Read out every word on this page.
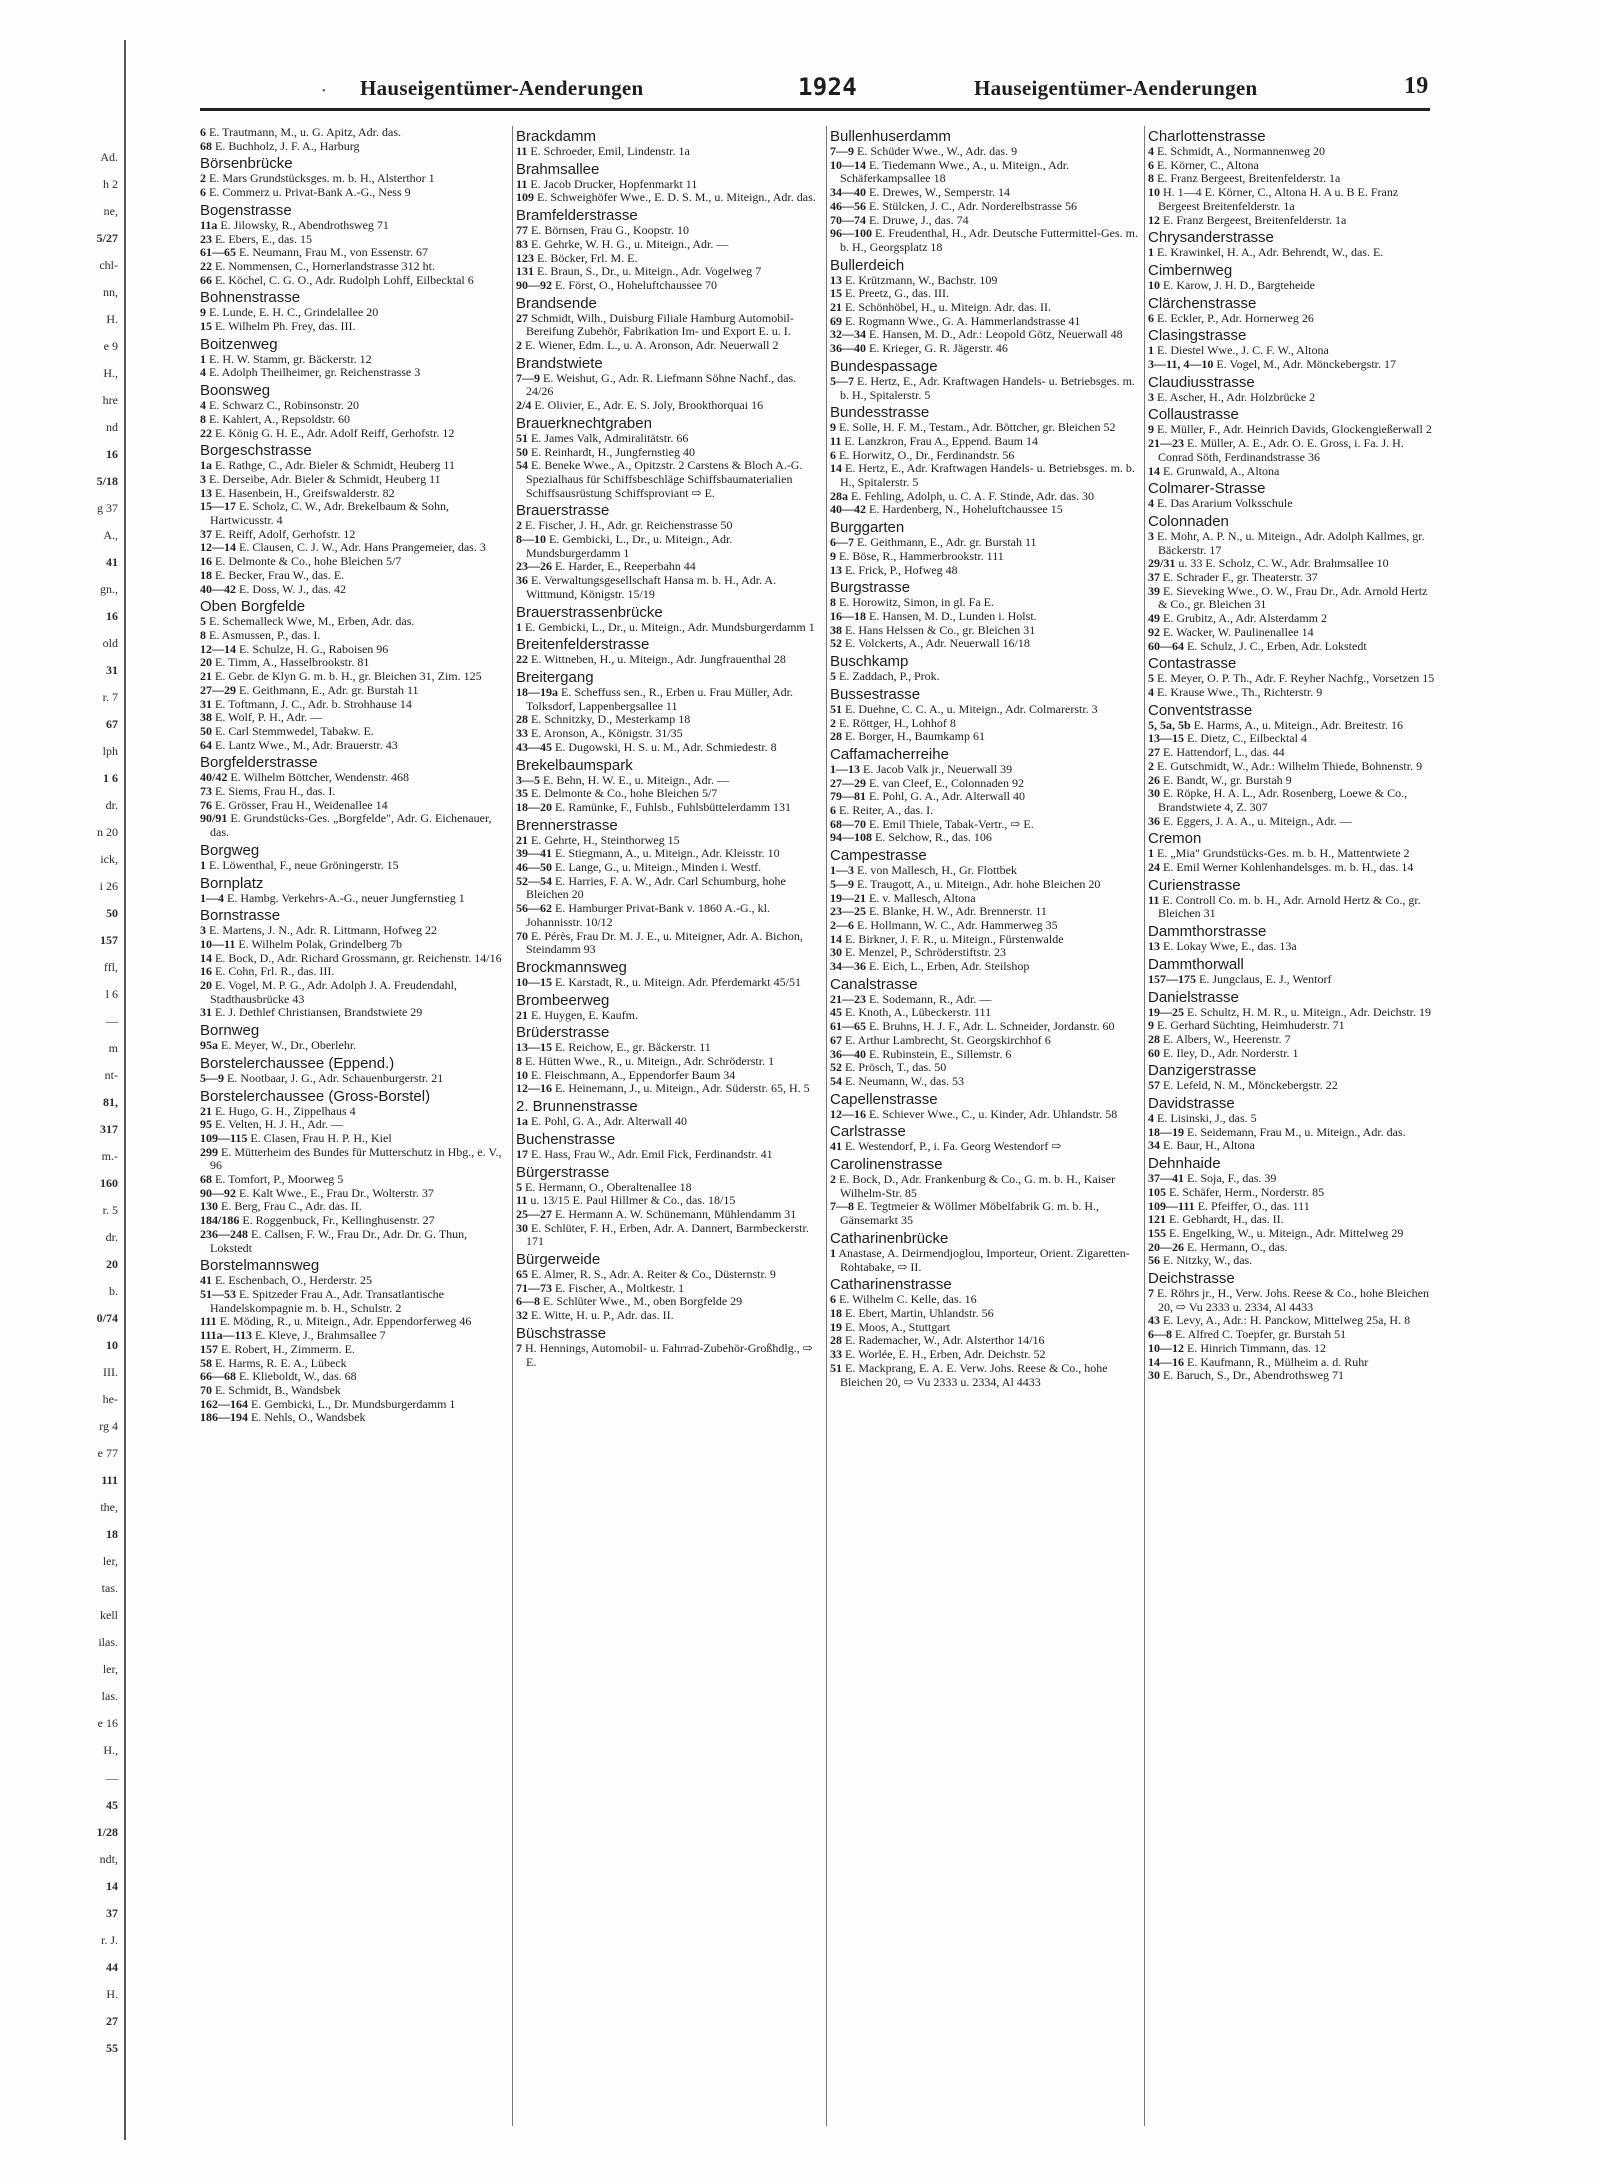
Ad.
h 2
ne,
5/27
chl-
nn,
H.
e 9
H.,
hre
nd
16
5/18
g 37
A.,
41
gn.,
16
old
31
r. 7
67
lph
1 6
dr.
n 20
ick,
i 26
50
157
ffl,
l 6
—
m
nt-
81,
317
m.-
160
r. 5
dr.
20
b.
0/74
10
III.
he-
rg 4
e 77
111
the,
18
ler,
tas.
kell
ilas.
ler,
las.
e 16
H.,
—
45
1/28
ndt,
14
37
r. J.
44
H.
27
55
• Hauseigentümer-Aenderungen	1924	Hauseigentümer-Aenderungen	19
6 E. Trautmann, M., u. G. Apitz, Adr. das.
68 E. Buchholz, J. F. A., Harburg
Börsenbrücke
2 E. Mars Grundstücksges. m. b. H., Alsterthor 1
6 E. Commerz u. Privat-Bank A.-G., Ness 9
Bogenstrasse
11a E. Jilowsky, R., Abendrothsweg 71
23 E. Ebers, E., das. 15
61—65 E. Neumann, Frau M., von Essenstr. 67
22 E. Nommensen, C., Hornerlandstrasse 312 ht.
66 E. Köchel, C. G. O., Adr. Rudolph Lohff, Eilbecktal 6
Bohnenstrasse
9 E. Lunde, E. H. C., Grindelallee 20
15 E. Wilhelm Ph. Frey, das. III.
Boitzenweg
1 E. H. W. Stamm, gr. Bäckerstr. 12
4 E. Adolph Theilheimer, gr. Reichenstrasse 3
Boonsweg
4 E. Schwarz C., Robinsonstr. 20
8 E. Kahlert, A., Repsoldstr. 60
22 E. König G. H. E., Adr. Adolf Reiff, Gerhofstr. 12
Borgeschstrasse
1a E. Rathge, C., Adr. Bieler & Schmidt, Heuberg 11
3 E. Derseibe, Adr. Bieler & Schmidt, Heuberg 11
13 E. Hasenbein, H., Greifswalderstr. 82
15—17 E. Scholz, C. W., Adr. Brekelbaum & Sohn, Hartwicusstr. 4
37 E. Reiff, Adolf, Gerhofstr. 12
12—14 E. Clausen, C. J. W., Adr. Hans Prangemeier, das. 3
16 E. Delmonte & Co., hohe Bleichen 5/7
18 E. Becker, Frau W., das. E.
40—42 E. Doss, W. J., das. 42
Oben Borgfelde
5 E. Schemalleck Wwe, M., Erben, Adr. das.
8 E. Asmussen, P., das. I.
12—14 E. Schulze, H. G., Raboisen 96
20 E. Timm, A., Hasselbrookstr. 81
21 E. Gebr. de Klyn G. m. b. H., gr. Bleichen 31, Zim. 125
27—29 E. Geithmann, E., Adr. gr. Burstah 11
31 E. Toftmann, J. C., Adr. b. Strohhause 14
38 E. Wolf, P. H., Adr. —
50 E. Carl Stemmwedel, Tabakw. E.
64 E. Lantz Wwe., M., Adr. Brauerstr. 43
Borgfelderstrasse
40/42 E. Wilhelm Böttcher, Wendenstr. 468
73 E. Siems, Frau H., das. I.
76 E. Grösser, Frau H., Weidenallee 14
90/91 E. Grundstücks-Ges. „Borgfelde", Adr. G. Eichenauer, das.
Borgweg
1 E. Löwenthal, F., neue Gröningerstr. 15
Bornplatz
1—4 E. Hambg. Verkehrs-A.-G., neuer Jungfernstieg 1
Bornstrasse
3 E. Martens, J. N., Adr. R. Littmann, Hofweg 22
10—11 E. Wilhelm Polak, Grindelberg 7b
14 E. Bock, D., Adr. Richard Grossmann, gr. Reichenstr. 14/16
16 E. Cohn, Frl. R., das. III.
20 E. Vogel, M. P. G., Adr. Adolph J. A. Freudendahl, Stadthausbrücke 43
31 E. J. Dethlef Christiansen, Brandstwiete 29
Bornweg
95a E. Meyer, W., Dr., Oberlehr.
Borstelerchaussee (Eppend.)
5—9 E. Nootbaar, J. G., Adr. Schauenburgerstr. 21
Borstelerchaussee (Gross-Borstel)
21 E. Hugo, G. H., Zippelhaus 4
95 E. Velten, H. J. H., Adr. —
109—115 E. Clasen, Frau H. P. H., Kiel
299 E. Mütterheim des Bundes für Mutterschutz in Hbg., e. V., 96
68 E. Tomfort, P., Moorweg 5
90—92 E. Kalt Wwe., E., Frau Dr., Wolterstr. 37
130 E. Berg, Frau C., Adr. das. II.
184/186 E. Roggenbuck, Fr., Kellinghusenstr. 27
236—248 E. Callsen, F. W., Frau Dr., Adr. Dr. G. Thun, Lokstedt
Borstelmannsweg
41 E. Eschenbach, O., Herderstr. 25
51—53 E. Spitzeder Frau A., Adr. Transatlantische Handelskompagnie m. b. H., Schulstr. 2
111 E. Möding, R., u. Miteign., Adr. Eppendorferweg 46
111a—113 E. Kleve, J., Brahmsallee 7
157 E. Robert, H., Zimmerm. E.
58 E. Harms, R. E. A., Lübeck
66—68 E. Klieboldt, W., das. 68
70 E. Schmidt, B., Wandsbek
162—164 E. Gembicki, L., Dr. Mundsburgerdamm 1
186—194 E. Nehls, O., Wandsbek
Brackdamm
11 E. Schroeder, Emil, Lindenstr. 1a
Brahmsallee
11 E. Jacob Drucker, Hopfenmarkt 11
109 E. Schweighöfer Wwe., E. D. S. M., u. Miteign., Adr. das.
Bramfelderstrasse
77 E. Börnsen, Frau G., Koopstr. 10
83 E. Gehrke, W. H. G., u. Miteign., Adr. —
123 E. Böcker, Frl. M. E.
131 E. Braun, S., Dr., u. Miteign., Adr. Vogelweg 7
90—92 E. Först, O., Hoheluftchaussee 70
Brandsende
27 Schmidt, Wilh., Duisburg Filiale Hamburg Automobil-Bereifung Zubehör, Fabrikation Im- und Export E. u. I.
2 E. Wiener, Edm. L., u. A. Aronson, Adr. Neuerwall 2
Brandstwiete
7—9 E. Weishut, G., Adr. R. Liefmann Söhne Nachf., das. 24/26
2/4 E. Olivier, E., Adr. E. S. Joly, Brookthorquai 16
Brauerknechtgraben
51 E. James Valk, Admiralitätstr. 66
50 E. Reinhardt, H., Jungfernstieg 40
54 E. Beneke Wwe., A., Opitzstr. 2 Carstens & Bloch A.-G. Spezialhaus für Schiffsbeschläge Schiffsbaumaterialien Schiffsausrüstung Schiffsproviant ⇨ E.
Brauerstrasse
2 E. Fischer, J. H., Adr. gr. Reichenstrasse 50
8—10 E. Gembicki, L., Dr., u. Miteign., Adr. Mundsburgerdamm 1
23—26 E. Harder, E., Reeperbahn 44
36 E. Verwaltungsgesellschaft Hansa m. b. H., Adr. A. Wittmund, Königstr. 15/19
Brauerstrassenbrücke
1 E. Gembicki, L., Dr., u. Miteign., Adr. Mundsburgerdamm 1
Breitenfelderstrasse
22 E. Wittneben, H., u. Miteign., Adr. Jungfrauenthal 28
Breitergang
18—19a E. Scheffuss sen., R., Erben u. Frau Müller, Adr. Tolksdorf, Lappenbergsallee 11
28 E. Schnitzky, D., Mesterkamp 18
33 E. Aronson, A., Königstr. 31/35
43—45 E. Dugowski, H. S. u. M., Adr. Schmiedestr. 8
Brekelbaumspark
3—5 E. Behn, H. W. E., u. Miteign., Adr. —
35 E. Delmonte & Co., hohe Bleichen 5/7
18—20 E. Ramünke, F., Fuhlsb., Fuhlsbüttelerdamm 131
Brennerstrasse
21 E. Gehrte, H., Steinthorweg 15
39—41 E. Stiegmann, A., u. Miteign., Adr. Kleisstr. 10
46—50 E. Lange, G., u. Miteign., Minden i. Westf.
52—54 E. Harries, F. A. W., Adr. Carl Schumburg, hohe Bleichen 20
56—62 E. Hamburger Privat-Bank v. 1860 A.-G., kl. Johannisstr. 10/12
70 E. Pérès, Frau Dr. M. J. E., u. Miteigner, Adr. A. Bichon, Steindamm 93
Brockmannsweg
10—15 E. Karstadt, R., u. Miteign. Adr. Pferdemarkt 45/51
Brombeerweg
21 E. Huygen, E. Kaufm.
Brüderstrasse
13—15 E. Reichow, E., gr. Bäckerstr. 11
8 E. Hütten Wwe., R., u. Miteign., Adr. Schröderstr. 1
10 E. Fleischmann, A., Eppendorfer Baum 34
12—16 E. Heinemann, J., u. Miteign., Adr. Süderstr. 65, H. 5
2. Brunnenstrasse
1a E. Pohl, G. A., Adr. Alterwall 40
Buchenstrasse
17 E. Hass, Frau W., Adr. Emil Fick, Ferdinandstr. 41
Bürgerstrasse
5 E. Hermann, O., Oberaltenallee 18
11 u. 13/15 E. Paul Hillmer & Co., das. 18/15
25—27 E. Hermann A. W. Schünemann, Mühlendamm 31
30 E. Schlüter, F. H., Erben, Adr. A. Dannert, Barmbeckerstr. 171
Bürgerweide
65 E. Almer, R. S., Adr. A. Reiter & Co., Düsternstr. 9
71—73 E. Fischer, A., Moltkestr. 1
6—8 E. Schlüter Wwe., M., oben Borgfelde 29
32 E. Witte, H. u. P., Adr. das. II.
Büschstrasse
7 H. Hennings, Automobil- u. Fahrrad-Zubehör-Großhdlg., ⇨ E.
Bullenhuserdamm
7—9 E. Schüder Wwe., W., Adr. das. 9
10—14 E. Tiedemann Wwe., A., u. Miteign., Adr. Schäferkampsallee 18
34—40 E. Drewes, W., Semperstr. 14
46—56 E. Stülcken, J. C., Adr. Norderelbstrasse 56
70—74 E. Druwe, J., das. 74
96—100 E. Freudenthal, H., Adr. Deutsche Futtermittel-Ges. m. b. H., Georgsplatz 18
Bullerdeich
13 E. Krützmann, W., Bachstr. 109
15 E. Preetz, G., das. III.
21 E. Schönhöbel, H., u. Miteign. Adr. das. II.
69 E. Rogmann Wwe., G. A. Hammerlandstrasse 41
32—34 E. Hansen, M. D., Adr.: Leopold Götz, Neuerwall 48
36—40 E. Krieger, G. R. Jägerstr. 46
Bundespassage
5—7 E. Hertz, E., Adr. Kraftwagen Handels- u. Betriebsges. m. b. H., Spitalerstr. 5
Bundesstrasse
9 E. Solle, H. F. M., Testam., Adr. Böttcher, gr. Bleichen 52
11 E. Lanzkron, Frau A., Eppend. Baum 14
6 E. Horwitz, O., Dr., Ferdinandstr. 56
14 E. Hertz, E., Adr. Kraftwagen Handels- u. Betriebsges. m. b. H., Spitalerstr. 5
28a E. Fehling, Adolph, u. C. A. F. Stinde, Adr. das. 30
40—42 E. Hardenberg, N., Hoheluftchaussee 15
Burggarten
6—7 E. Geithmann, E., Adr. gr. Burstah 11
9 E. Böse, R., Hammerbrookstr. 111
13 E. Frick, P., Hofweg 48
Burgstrasse
8 E. Horowitz, Simon, in gl. Fa E.
16—18 E. Hansen, M. D., Lunden i. Holst.
38 E. Hans Helssen & Co., gr. Bleichen 31
52 E. Volckerts, A., Adr. Neuerwall 16/18
Buschkamp
5 E. Zaddach, P., Prok.
Bussestrasse
51 E. Duehne, C. C. A., u. Miteign., Adr. Colmarerstr. 3
2 E. Röttger, H., Lohhof 8
28 E. Borger, H., Baumkamp 61
Caffamacherreihe
1—13 E. Jacob Valk jr., Neuerwall 39
27—29 E. van Cleef, E., Colonnaden 92
79—81 E. Pohl, G. A., Adr. Alterwall 40
6 E. Reiter, A., das. I.
68—70 E. Emil Thiele, Tabak-Vertr., ⇨ E.
94—108 E. Selchow, R., das. 106
Campestrasse
1—3 E. von Mallesch, H., Gr. Flottbek
5—9 E. Traugott, A., u. Miteign., Adr. hohe Bleichen 20
19—21 E. v. Mallesch, Altona
23—25 E. Blanke, H. W., Adr. Brennerstr. 11
2—6 E. Hollmann, W. C., Adr. Hammerweg 35
14 E. Birkner, J. F. R., u. Miteign., Fürstenwalde
30 E. Menzel, P., Schröderstiftstr. 23
34—36 E. Eich, L., Erben, Adr. Steilshop
Canalstrasse
21—23 E. Sodemann, R., Adr. —
45 E. Knoth, A., Lübeckerstr. 111
61—65 E. Bruhns, H. J. F., Adr. L. Schneider, Jordanstr. 60
67 E. Arthur Lambrecht, St. Georgskirchhof 6
36—40 E. Rubinstein, E., Sillemstr. 6
52 E. Prösch, T., das. 50
54 E. Neumann, W., das. 53
Capellenstrasse
12—16 E. Schiever Wwe., C., u. Kinder, Adr. Uhlandstr. 58
Carlstrasse
41 E. Westendorf, P., i. Fa. Georg Westendorf ⇨
Carolinenstrasse
2 E. Bock, D., Adr. Frankenburg & Co., G. m. b. H., Kaiser Wilhelm-Str. 85
7—8 E. Tegtmeier & Wöllmer Möbelfabrik G. m. b. H., Gänsemarkt 35
Catharinenbrücke
1 Anastase, A. Deirmendjoglou, Importeur, Orient. Zigaretten-Rohtabake, ⇨ II.
Catharinenstrasse
6 E. Wilhelm C. Kelle, das. 16
18 E. Ebert, Martin, Uhlandstr. 56
19 E. Moos, A., Stuttgart
28 E. Rademacher, W., Adr. Alsterthor 14/16
33 E. Worlée, E. H., Erben, Adr. Deichstr. 52
51 E. Mackprang, E. A. E. Verw. Johs. Reese & Co., hohe Bleichen 20, ⇨ Vu 2333 u. 2334, Al 4433
Charlottenstrasse
4 E. Schmidt, A., Normannenweg 20
6 E. Körner, C., Altona
8 E. Franz Bergeest, Breitenfelderstr. 1a
10 H. 1—4 E. Körner, C., Altona H. A u. B E. Franz Bergeest Breitenfelderstr. 1a
12 E. Franz Bergeest, Breitenfelderstr. 1a
Chrysanderstrasse
1 E. Krawinkel, H. A., Adr. Behrendt, W., das. E.
Cimbernweg
10 E. Karow, J. H. D., Bargteheide
Clärchenstrasse
6 E. Eckler, P., Adr. Hornerweg 26
Clasingstrasse
1 E. Diestel Wwe., J. C. F. W., Altona
3—11, 4—10 E. Vogel, M., Adr. Mönckebergstr. 17
Claudiusstrasse
3 E. Ascher, H., Adr. Holzbrücke 2
Collaustrasse
9 E. Müller, F., Adr. Heinrich Davids, Glockengießerwall 2
21—23 E. Müller, A. E., Adr. O. E. Gross, i. Fa. J. H. Conrad Söth, Ferdinandstrasse 36
14 E. Grunwald, A., Altona
Colmarer-Strasse
4 E. Das Ararium Volksschule
Colonnaden
3 E. Mohr, A. P. N., u. Miteign., Adr. Adolph Kallmes, gr. Bäckerstr. 17
29/31 u. 33 E. Scholz, C. W., Adr. Brahmsallee 10
37 E. Schrader F., gr. Theaterstr. 37
39 E. Sieveking Wwe., O. W., Frau Dr., Adr. Arnold Hertz & Co., gr. Bleichen 31
49 E. Grubitz, A., Adr. Alsterdamm 2
92 E. Wacker, W. Paulinenallee 14
60—64 E. Schulz, J. C., Erben, Adr. Lokstedt
Contastrasse
5 E. Meyer, O. P. Th., Adr. F. Reyher Nachfg., Vorsetzen 15
4 E. Krause Wwe., Th., Richterstr. 9
Conventstrasse
5, 5a, 5b E. Harms, A., u. Miteign., Adr. Breitestr. 16
13—15 E. Dietz, C., Eilbecktal 4
27 E. Hattendorf, L., das. 44
2 E. Gutschmidt, W., Adr.: Wilhelm Thiede, Bohnenstr. 9
26 E. Bandt, W., gr. Burstah 9
30 E. Röpke, H. A. L., Adr. Rosenberg, Loewe & Co., Brandstwiete 4, Z. 307
36 E. Eggers, J. A. A., u. Miteign., Adr. —
Cremon
1 E. „Mia" Grundstücks-Ges. m. b. H., Mattentwiete 2
24 E. Emil Werner Kohlenhandelsges. m. b. H., das. 14
Curienstrasse
11 E. Controll Co. m. b. H., Adr. Arnold Hertz & Co., gr. Bleichen 31
Dammthorstrasse
13 E. Lokay Wwe, E., das. 13a
Dammthorwall
157—175 E. Jungclaus, E. J., Wentorf
Danielstrasse
19—25 E. Schultz, H. M. R., u. Miteign., Adr. Deichstr. 19
9 E. Gerhard Süchting, Heimhuderstr. 71
28 E. Albers, W., Heerenstr. 7
60 E. Iley, D., Adr. Norderstr. 1
Danzigerstrasse
57 E. Lefeld, N. M., Mönckebergstr. 22
Davidstrasse
4 E. Lisinski, J., das. 5
18—19 E. Seidemann, Frau M., u. Miteign., Adr. das.
34 E. Baur, H., Altona
Dehnhaide
37—41 E. Soja, F., das. 39
105 E. Schäfer, Herm., Norderstr. 85
109—111 E. Pfeiffer, O., das. 111
121 E. Gebhardt, H., das. II.
155 E. Engelking, W., u. Miteign., Adr. Mittelweg 29
20—26 E. Hermann, O., das.
56 E. Nitzky, W., das.
Deichstrasse
7 E. Röhrs jr., H., Verw. Johs. Reese & Co., hohe Bleichen 20, ⇨ Vu 2333 u. 2334, Al 4433
43 E. Levy, A., Adr.: H. Panckow, Mittelweg 25a, H. 8
6—8 E. Alfred C. Toepfer, gr. Burstah 51
10—12 E. Hinrich Timmann, das. 12
14—16 E. Kaufmann, R., Mülheim a. d. Ruhr
30 E. Baruch, S., Dr., Abendrothsweg 71
